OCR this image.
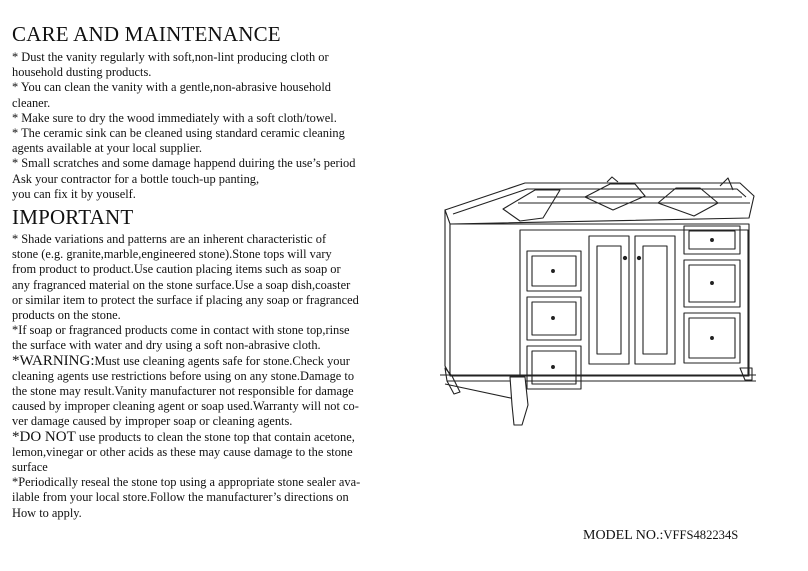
CARE AND MAINTENANCE
* Dust the vanity regularly with soft,non-lint producing cloth or
household dusting products.
* You can clean the vanity with a gentle,non-abrasive household
cleaner.
* Make sure to dry the wood immediately with a soft cloth/towel.
* The ceramic sink can be cleaned using standard ceramic cleaning
agents available at your local supplier.
* Small scratches and some damage happend duiring the use’s period
Ask your contractor for a bottle touch-up panting,
you can fix it by youself.
IMPORTANT
* Shade variations and patterns are an inherent characteristic of
stone (e.g. granite,marble,engineered stone).Stone tops will vary
from product to product.Use caution placing items such as soap or
any fragranced material on the stone surface.Use a soap dish,coaster
or similar item to protect the surface if placing any soap or fragranced
products on the stone.
*If soap or fragranced products come in contact with stone top,rinse
the surface with water and dry using a soft non-abrasive cloth.
*WARNING:Must use cleaning agents safe for stone.Check your
cleaning agents use restrictions before using on any stone.Damage to
the stone may result.Vanity manufacturer not responsible for damage
caused by improper cleaning agent or soap used.Warranty will not co-
ver damage caused by improper soap or cleaning agents.
*DO NOT use products to clean the stone top that contain acetone,
lemon,vinegar or other acids as these may cause damage to the stone
surface
*Periodically reseal the stone top using a appropriate stone sealer ava-
ilable from your local store.Follow the manufacturer’s directions on
How to apply.
MODEL NO.:VFFS482234S
